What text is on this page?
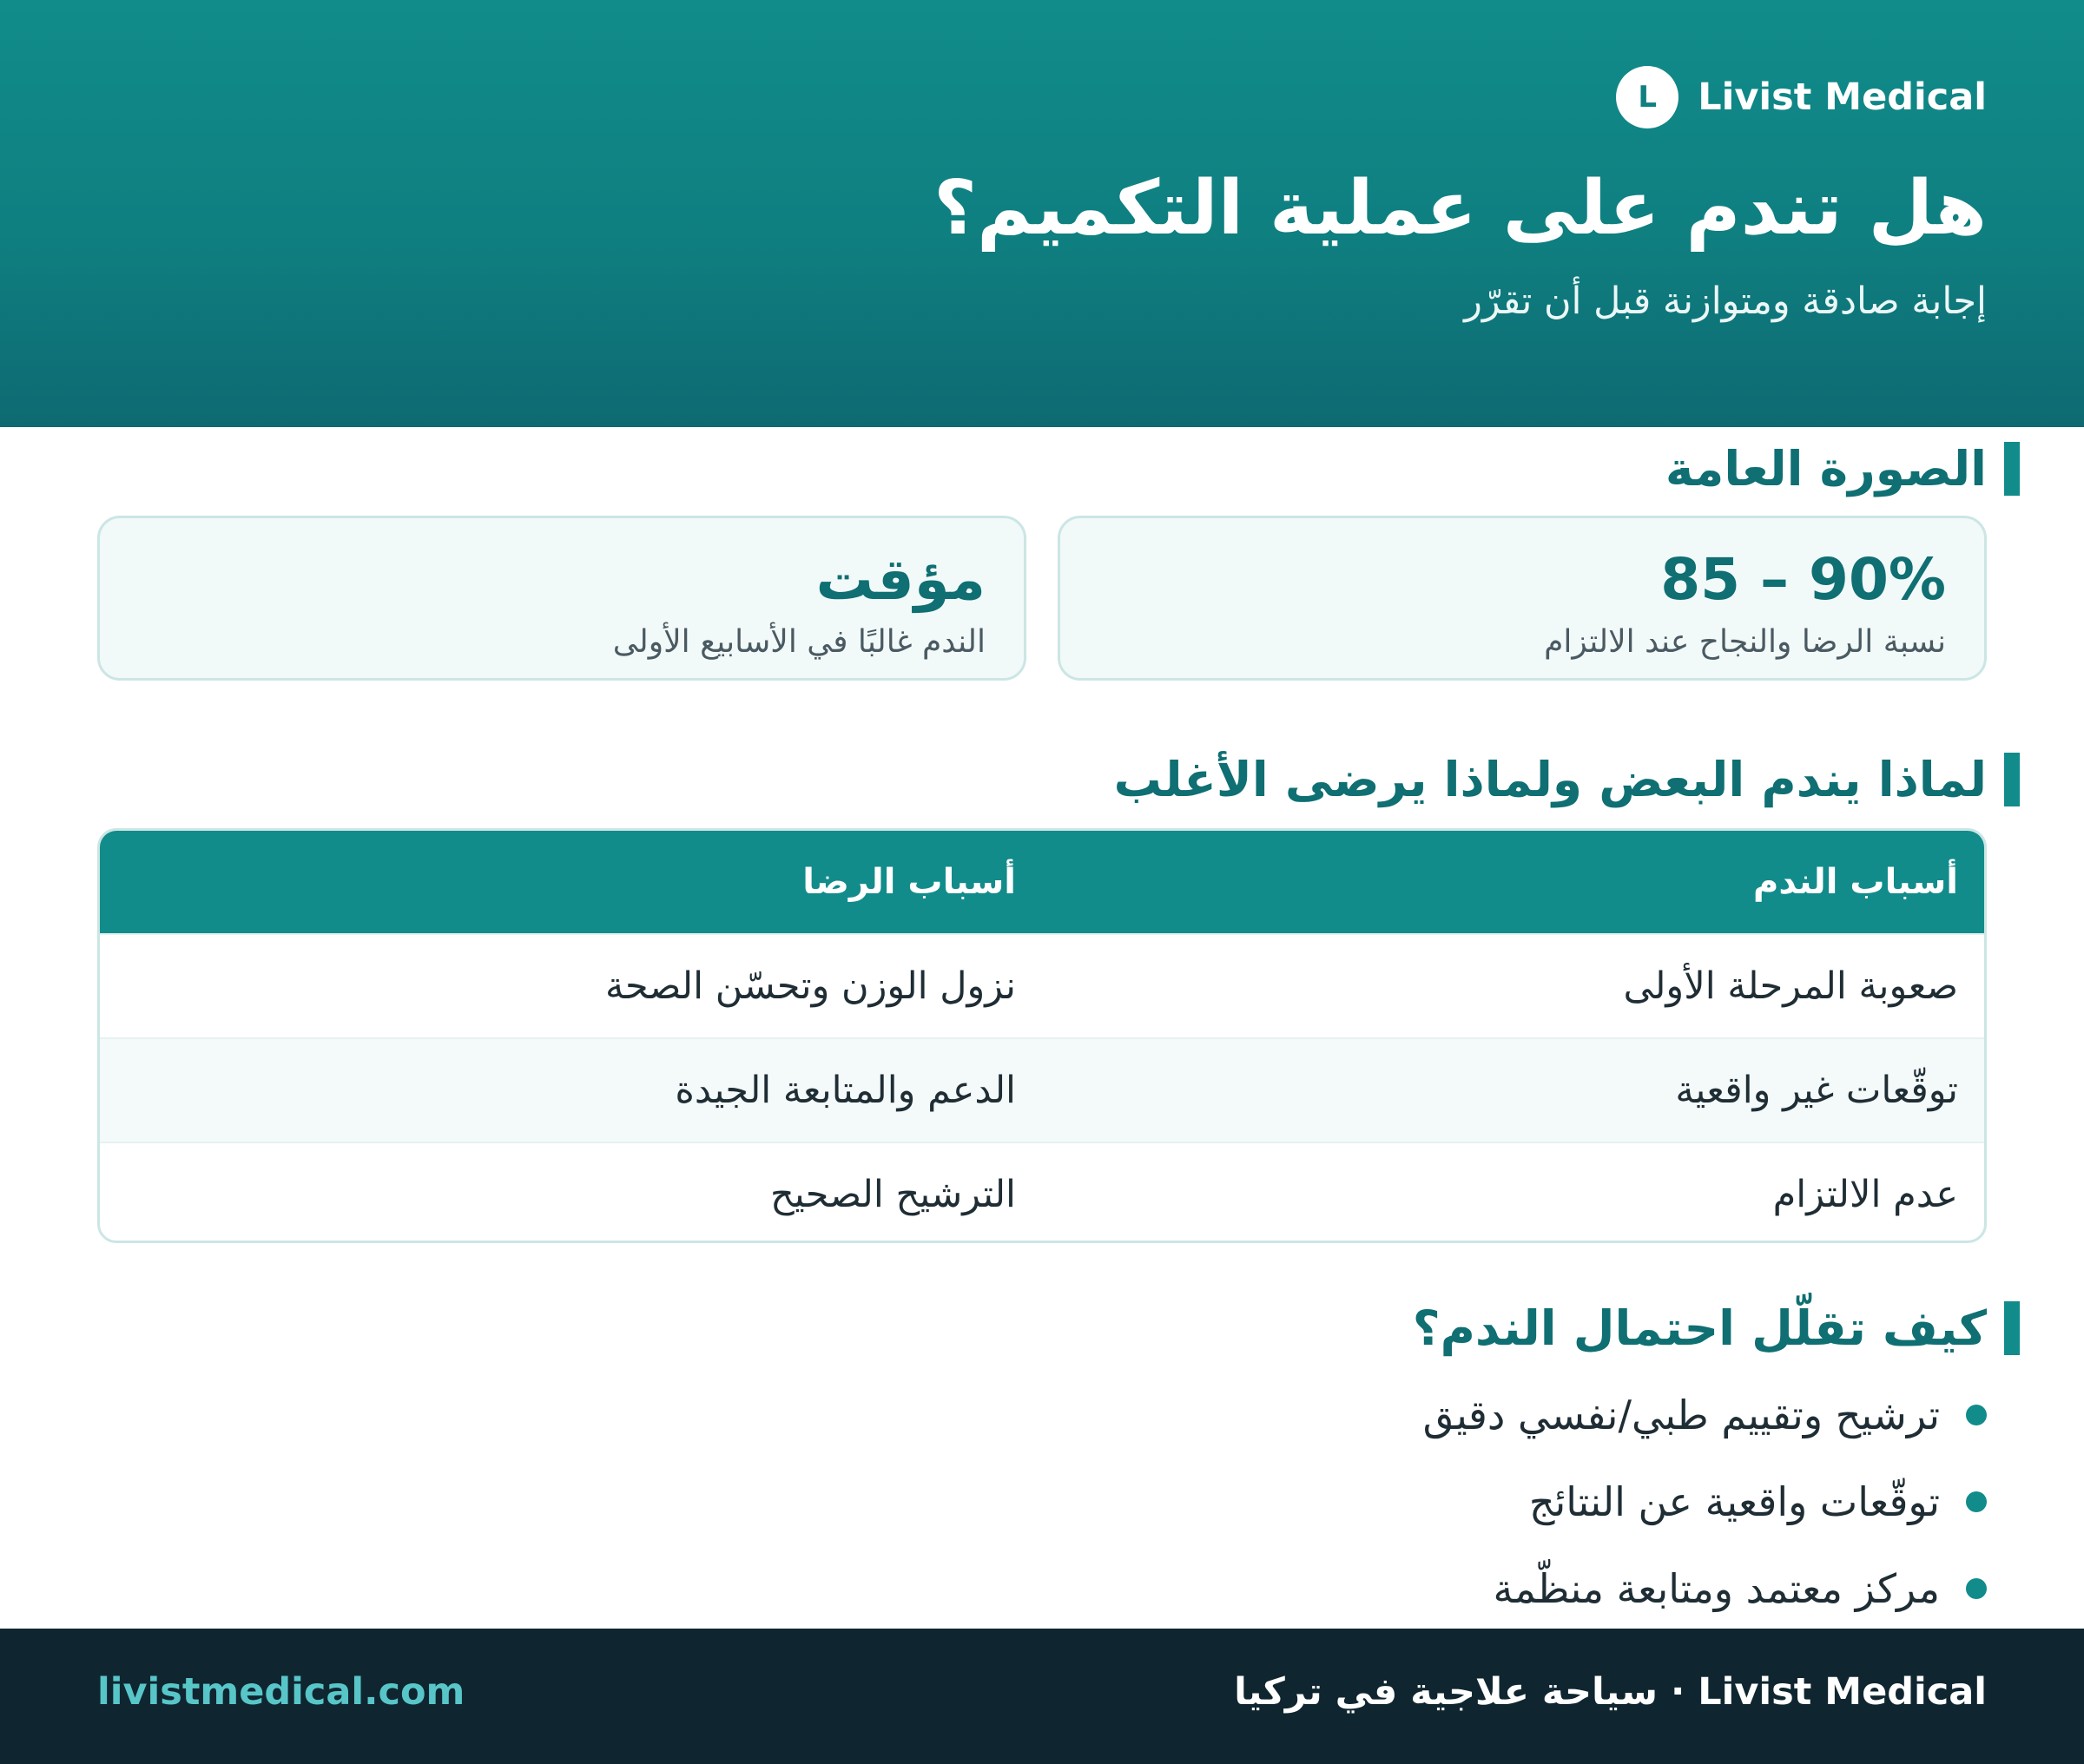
L	Livist Medical
هل تندم على عملية التكميم؟
إجابة صادقة ومتوازنة قبل أن تقرّر
الصورة العامة
85 – 90%
نسبة الرضا والنجاح عند الالتزام
مؤقت
الندم غالبًا في الأسابيع الأولى
لماذا يندم البعض ولماذا يرضى الأغلب
أسباب الندم
أسباب الرضا
صعوبة المرحلة الأولى
نزول الوزن وتحسّن الصحة
توقّعات غير واقعية
الدعم والمتابعة الجيدة
عدم الالتزام
الترشيح الصحيح
كيف تقلّل احتمال الندم؟
ترشيح وتقييم طبي/نفسي دقيق
توقّعات واقعية عن النتائج
مركز معتمد ومتابعة منظّمة
Livist Medical · سياحة علاجية في تركيا
livistmedical.com
